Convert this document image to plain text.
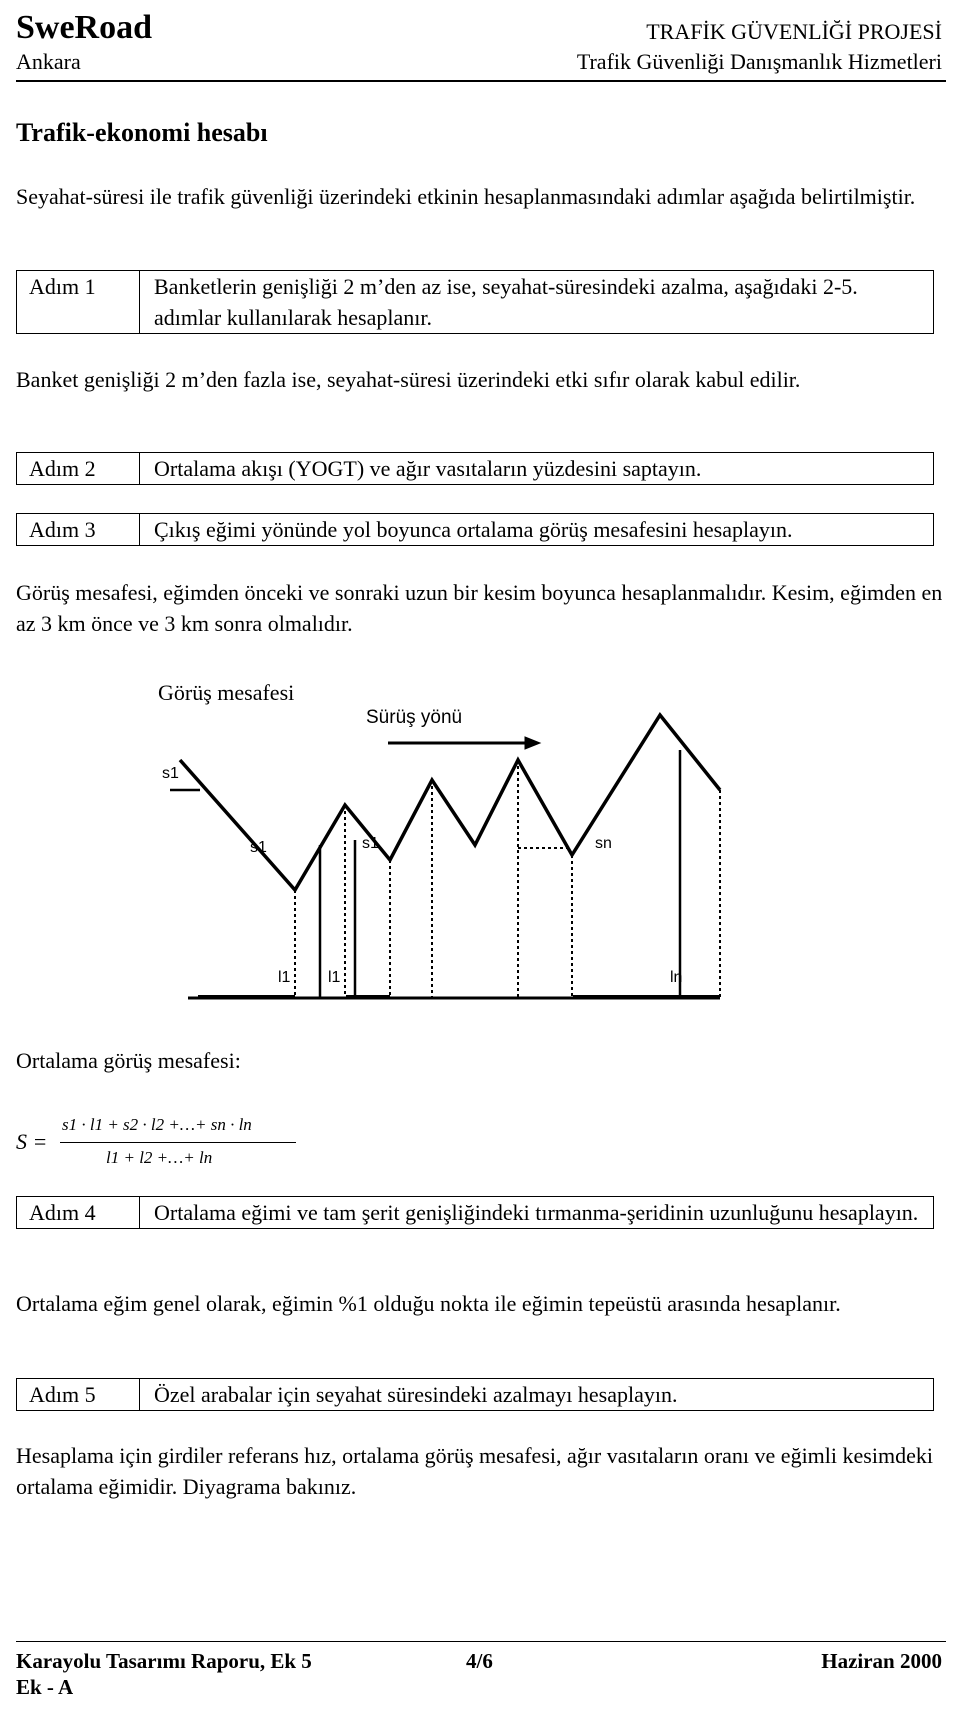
SweRoad
Ankara
TRAFİK GÜVENLİĞİ PROJESİ
Trafik Güvenliği Danışmanlık Hizmetleri
Trafik-ekonomi hesabı
Seyahat-süresi ile trafik güvenliği üzerindeki etkinin hesaplanmasındaki adımlar aşağıda belirtilmiştir.
Adım 1	Banketlerin genişliği 2 m’den az ise, seyahat-süresindeki azalma, aşağıdaki 2-5. adımlar kullanılarak hesaplanır.
Banket genişliği 2 m’den fazla ise, seyahat-süresi üzerindeki etki sıfır olarak kabul edilir.
Adım 2	Ortalama akışı (YOGT) ve ağır vasıtaların yüzdesini saptayın.
Adım 3	Çıkış eğimi yönünde yol boyunca ortalama görüş mesafesini hesaplayın.
Görüş mesafesi, eğimden önceki ve sonraki uzun bir kesim boyunca hesaplanmalıdır. Kesim, eğimden en az 3 km önce ve 3 km sonra olmalıdır.
Görüş mesafesi
Sürüş yönü
s1
s1	s1	sn
l1 l1	ln
Ortalama görüş mesafesi:
S =
s1 · l1 + s2 · l2 +…+ sn · ln
l1 + l2 +…+ ln
Adım 4	Ortalama eğimi ve tam şerit genişliğindeki tırmanma-şeridinin uzunluğunu hesaplayın.
Ortalama eğim genel olarak, eğimin %1 olduğu nokta ile eğimin tepeüstü arasında hesaplanır.
Adım 5	Özel arabalar için seyahat süresindeki azalmayı hesaplayın.
Hesaplama için girdiler referans hız, ortalama görüş mesafesi, ağır vasıtaların oranı ve eğimli kesimdeki ortalama eğimidir. Diyagrama bakınız.
Karayolu Tasarımı Raporu, Ek 5	4/6	Haziran 2000
Ek - A
